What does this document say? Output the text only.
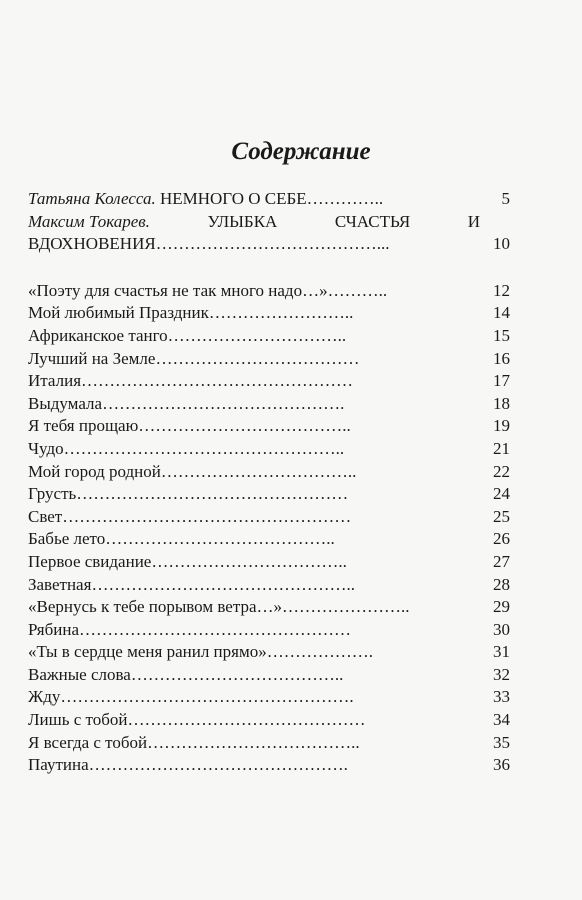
Содержание
Татьяна Колесса. НЕМНОГО О СЕБЕ…………..	5
Максим Токарев.	УЛЫБКА	СЧАСТЬЯ	И
ВДОХНОВЕНИЯ…………………………………...	10
«Поэту для счастья не так много надо…»………..	12
Мой любимый Праздник……………………..	14
Африканское танго…………………………..	15
Лучший на Земле………………………………	16
Италия…………………………………………	17
Выдумала…………………………………….	18
Я тебя прощаю………………………………..	19
Чудо…………………………………………..	21
Мой город родной……………………………..	22
Грусть…………………………………………	24
Свет……………………………………………	25
Бабье лето…………………………………..	26
Первое свидание……………………………..	27
Заветная………………………………………..	28
«Вернусь к тебе порывом ветра…»…………………..	29
Рябина…………………………………………	30
«Ты в сердце меня ранил прямо»……………….	31
Важные слова………………………………..	32
Жду…………………………………………….	33
Лишь с тобой……………………………………	34
Я всегда с тобой………………………………..	35
Паутина……………………………………….	36
